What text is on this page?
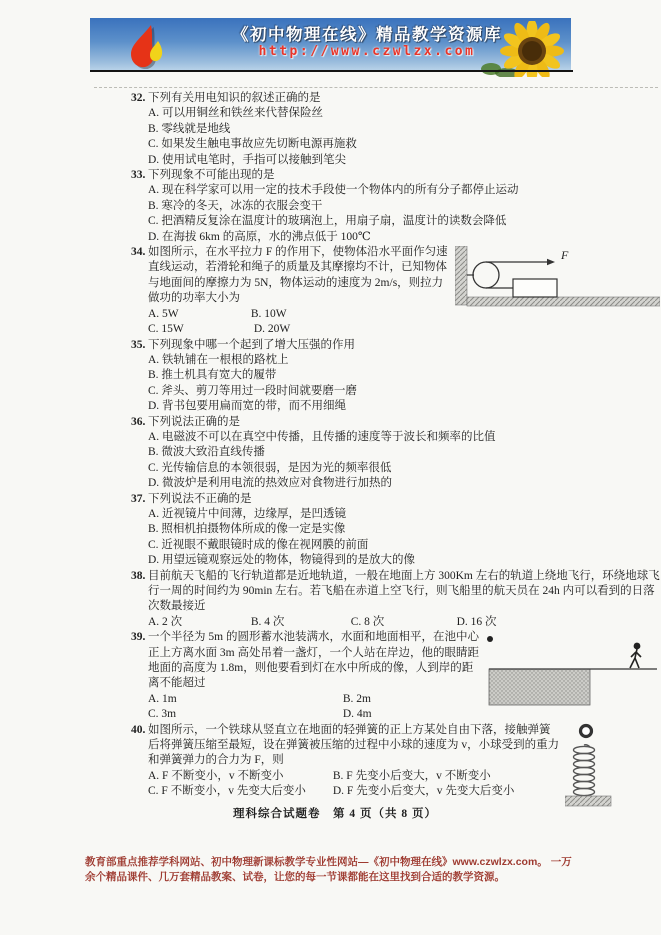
《初中物理在线》精品教学资源库
http://www.czwlzx.com
32. 下列有关用电知识的叙述正确的是
A. 可以用铜丝和铁丝来代替保险丝
B. 零线就是地线
C. 如果发生触电事故应先切断电源再施救
D. 使用试电笔时，手指可以接触到笔尖
33. 下列现象不可能出现的是
A. 现在科学家可以用一定的技术手段使一个物体内的所有分子都停止运动
B. 寒冷的冬天，冰冻的衣服会变干
C. 把酒精反复涂在温度计的玻璃泡上，用扇子扇，温度计的读数会降低
D. 在海拔 6km 的高原，水的沸点低于 100℃
F
34. 如图所示，在水平拉力 F 的作用下，使物体沿水平面作匀速直线运动，若滑轮和绳子的质量及其摩擦均不计，已知物体与地面间的摩擦力为 5N，物体运动的速度为 2m/s，则拉力做功的功率大小为
A. 5W	B. 10W C. 15W	D. 20W
35. 下列现象中哪一个起到了增大压强的作用
A. 铁轨铺在一根根的路枕上
B. 推土机具有宽大的履带
C. 斧头、剪刀等用过一段时间就要磨一磨
D. 背书包要用扁而宽的带，而不用细绳
36. 下列说法正确的是
A. 电磁波不可以在真空中传播，且传播的速度等于波长和频率的比值
B. 微波大致沿直线传播
C. 光传输信息的本领很弱，是因为光的频率很低
D. 微波炉是利用电流的热效应对食物进行加热的
37. 下列说法不正确的是
A. 近视镜片中间薄，边缘厚，是凹透镜
B. 照相机拍摄物体所成的像一定是实像
C. 近视眼不戴眼镜时成的像在视网膜的前面
D. 用望远镜观察远处的物体，物镜得到的是放大的像
38. 目前航天飞船的飞行轨道都是近地轨道，一般在地面上方 300Km 左右的轨道上绕地飞行，环绕地球飞行一周的时间约为 90min 左右。若飞船在赤道上空飞行，则飞船里的航天员在 24h 内可以看到的日落次数最接近
A. 2 次	B. 4 次	C. 8 次	D. 16 次
39. 一个半径为 5m 的圆形蓄水池装满水，水面和地面相平，在池中心正上方离水面 3m 高处吊着一盏灯，一个人站在岸边，他的眼睛距地面的高度为 1.8m，则他要看到灯在水中所成的像，人到岸的距离不能超过
A. 1m	B. 2m
C. 3m	D. 4m
40. 如图所示，一个铁球从竖直立在地面的轻弹簧的正上方某处自由下落，接触弹簧后将弹簧压缩至最短，设在弹簧被压缩的过程中小球的速度为 v，小球受到的重力和弹簧弹力的合力为 F，则
A. F 不断变小，v 不断变小	B. F 先变小后变大，v 不断变小
C. F 不断变小，v 先变大后变小 D. F 先变小后变大，v 先变大后变小
理科综合试题卷　第 4 页（共 8 页）
教育部重点推荐学科网站、初中物理新课标教学专业性网站—《初中物理在线》www.czwlzx.com。 一万余个精品课件、几万套精品教案、试卷，让您的每一节课都能在这里找到合适的教学资源。
